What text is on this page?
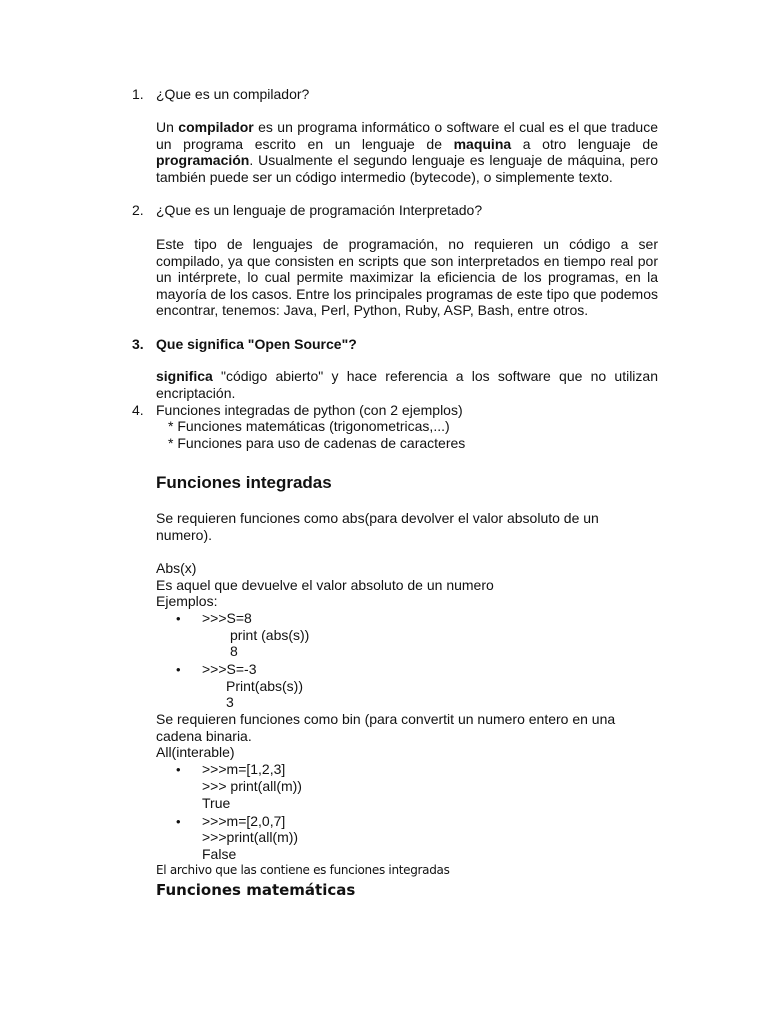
1. ¿Que es un compilador?

Un compilador es un programa informático o software el cual es el que traduce un programa escrito en un lenguaje de maquina a otro lenguaje de programación. Usualmente el segundo lenguaje es lenguaje de máquina, pero también puede ser un código intermedio (bytecode), o simplemente texto.

2. ¿Que es un lenguaje de programación Interpretado?

Este tipo de lenguajes de programación, no requieren un código a ser compilado, ya que consisten en scripts que son interpretados en tiempo real por un intérprete, lo cual permite maximizar la eficiencia de los programas, en la mayoría de los casos. Entre los principales programas de este tipo que podemos encontrar, tenemos: Java, Perl, Python, Ruby, ASP, Bash, entre otros.

3. Que significa "Open Source"?

significa "código abierto" y hace referencia a los software que no utilizan encriptación.

4. Funciones integradas de python (con 2 ejemplos)

* Funciones matemáticas (trigonometricas,...)

* Funciones para uso de cadenas de caracteres

Funciones integradas

Se requieren funciones como abs(para devolver el valor absoluto de un numero).

Abs(x)

Es aquel que devuelve el valor absoluto de un numero

Ejemplos:

• >>>S=8
print (abs(s))
8
• >>>S=-3
Print(abs(s))
3

Se requieren funciones como bin (para convertit un numero entero en una cadena binaria.

All(interable)

• >>>m=[1,2,3]
>>> print(all(m))
True
• >>>m=[2,0,7]
>>>print(all(m))
False

El archivo que las contiene es funciones integradas

Funciones matemáticas
